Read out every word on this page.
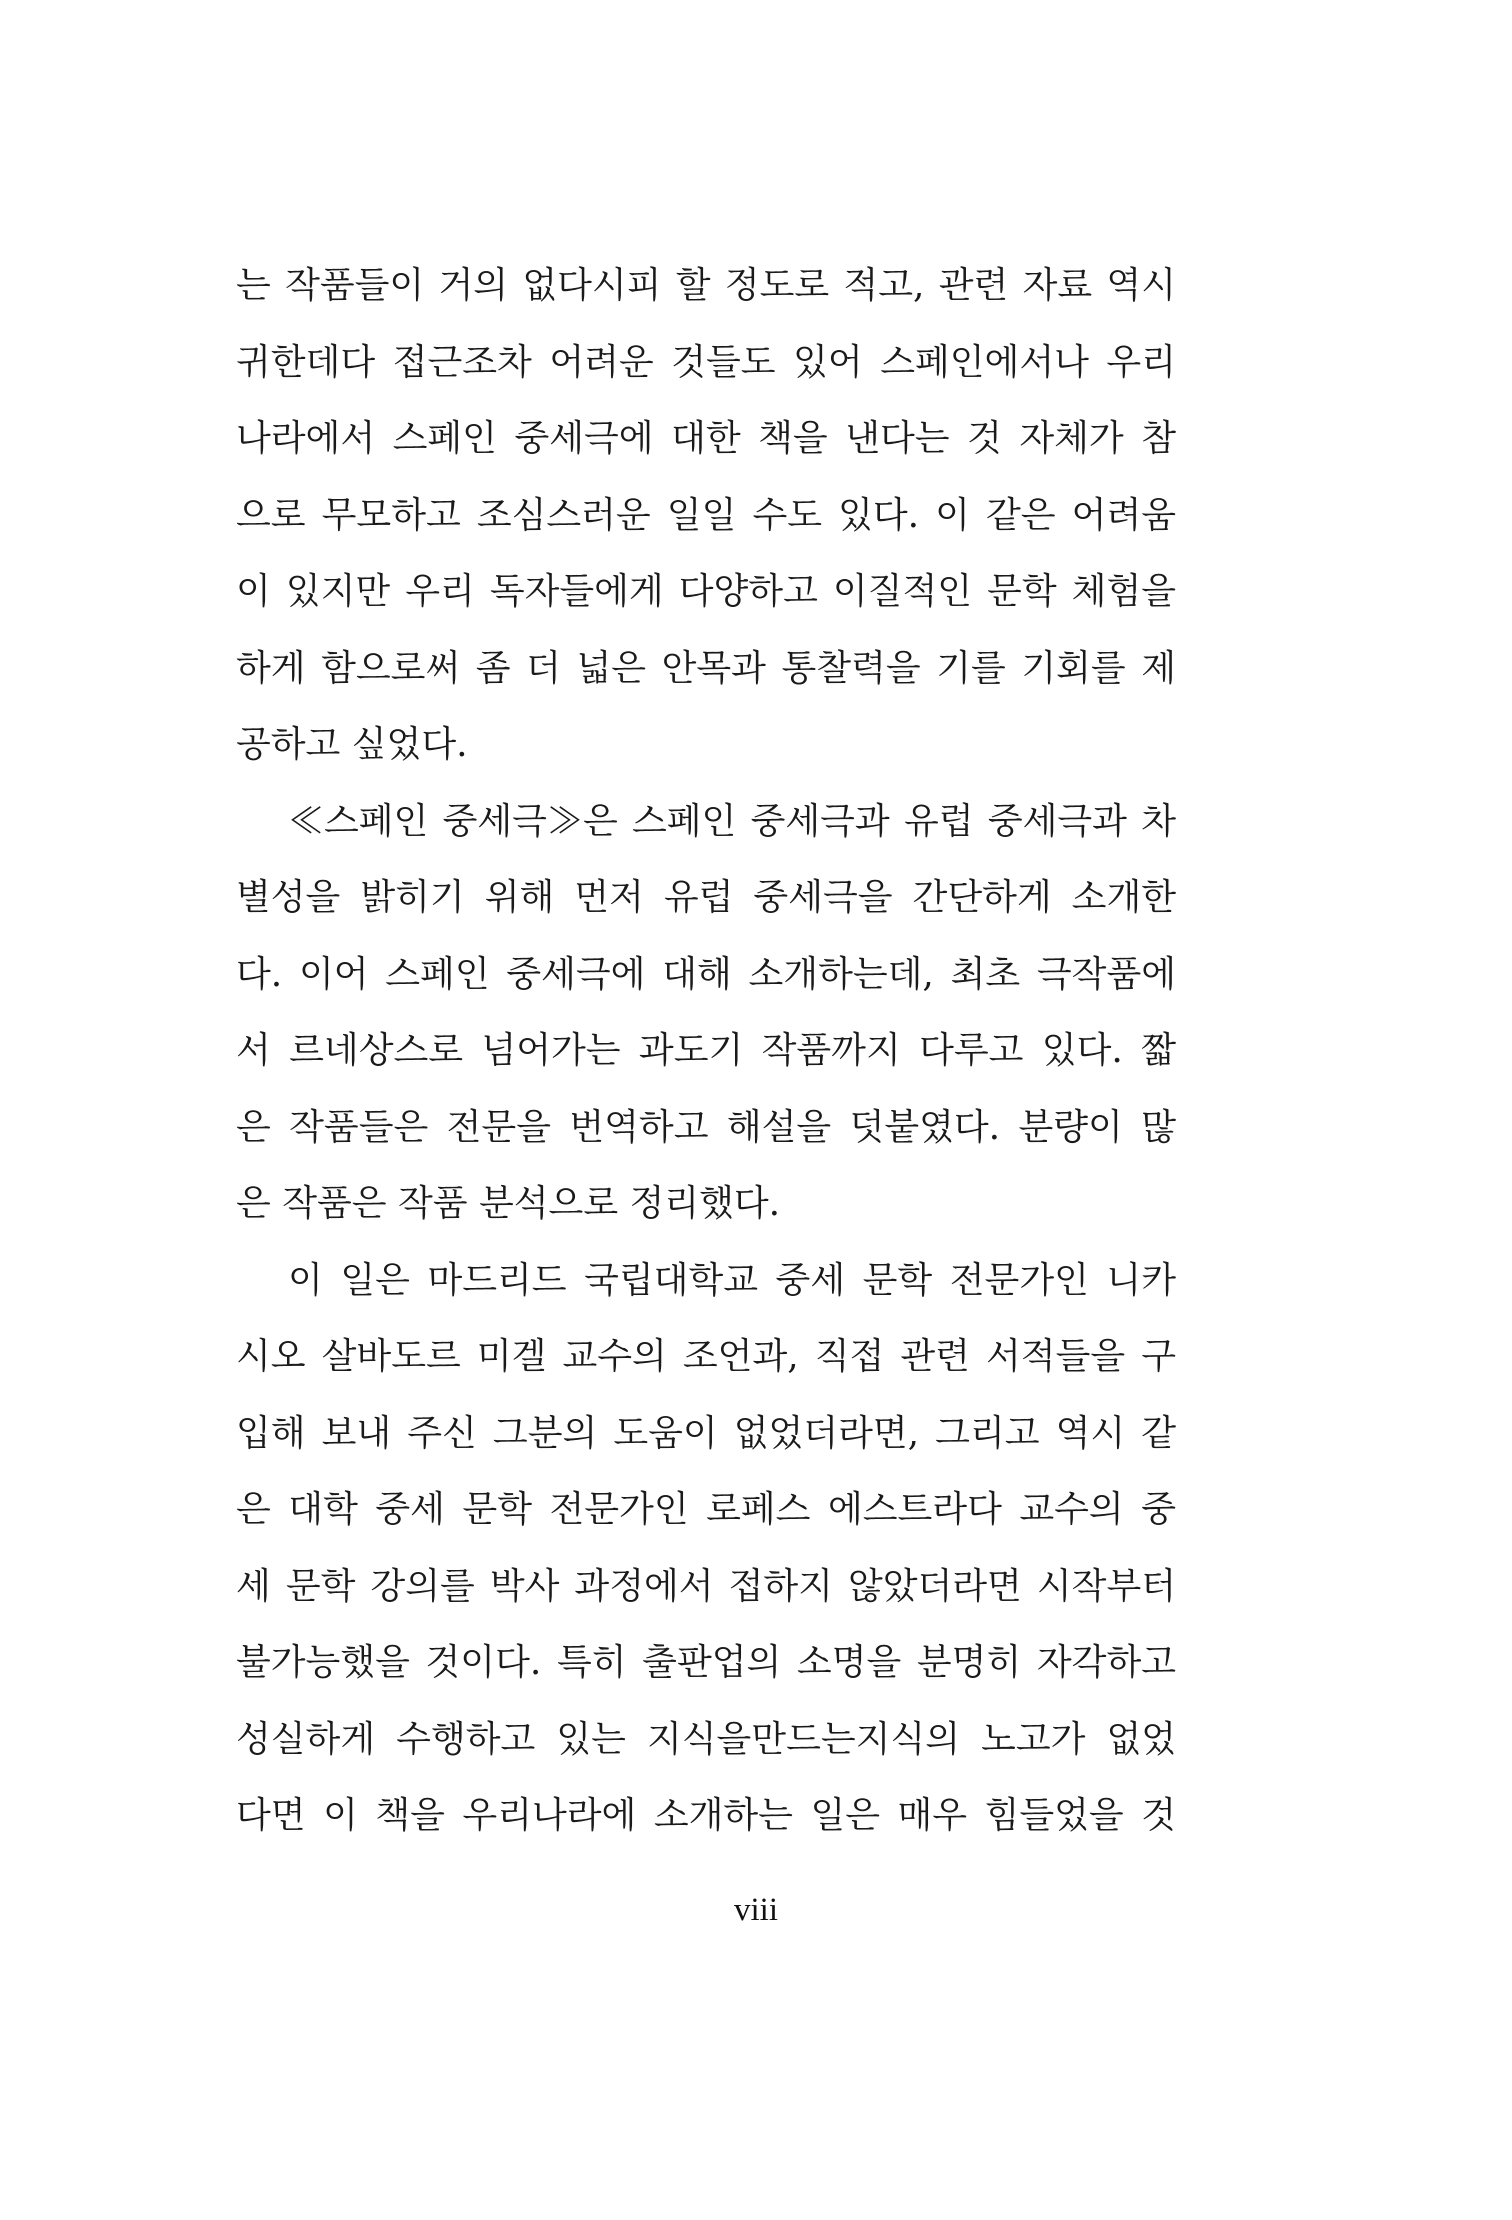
는 작품들이 거의 없다시피 할 정도로 적고, 관련 자료 역시
귀한데다 접근조차 어려운 것들도 있어 스페인에서나 우리
나라에서 스페인 중세극에 대한 책을 낸다는 것 자체가 참
으로 무모하고 조심스러운 일일 수도 있다. 이 같은 어려움
이 있지만 우리 독자들에게 다양하고 이질적인 문학 체험을
하게 함으로써 좀 더 넓은 안목과 통찰력을 기를 기회를 제
공하고 싶었다.
≪스페인 중세극≫은 스페인 중세극과 유럽 중세극과 차
별성을 밝히기 위해 먼저 유럽 중세극을 간단하게 소개한
다. 이어 스페인 중세극에 대해 소개하는데, 최초 극작품에
서 르네상스로 넘어가는 과도기 작품까지 다루고 있다. 짧
은 작품들은 전문을 번역하고 해설을 덧붙였다. 분량이 많
은 작품은 작품 분석으로 정리했다.
이 일은 마드리드 국립대학교 중세 문학 전문가인 니카
시오 살바도르 미겔 교수의 조언과, 직접 관련 서적들을 구
입해 보내 주신 그분의 도움이 없었더라면, 그리고 역시 같
은 대학 중세 문학 전문가인 로페스 에스트라다 교수의 중
세 문학 강의를 박사 과정에서 접하지 않았더라면 시작부터
불가능했을 것이다. 특히 출판업의 소명을 분명히 자각하고
성실하게 수행하고 있는 지식을만드는지식의 노고가 없었
다면 이 책을 우리나라에 소개하는 일은 매우 힘들었을 것
viii
